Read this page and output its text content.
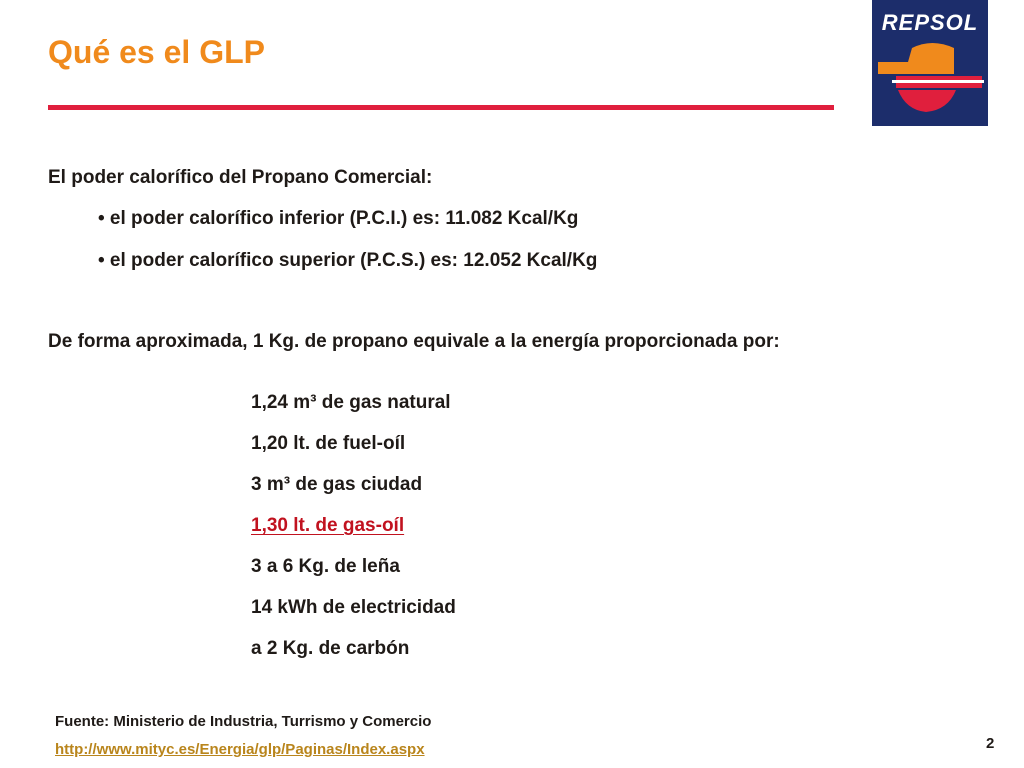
Qué es el GLP
REPSOL

El poder calorífico del Propano Comercial:

• el poder calorífico inferior (P.C.I.) es: 11.082 Kcal/Kg

• el poder calorífico superior (P.C.S.) es: 12.052 Kcal/Kg

De forma aproximada, 1 Kg. de propano equivale a la energía proporcionada por:

1,24 m³ de gas natural
1,20 lt. de fuel-oíl
3 m³ de gas ciudad
1,30 lt. de gas-oíl
3 a 6 Kg. de leña
14 kWh de electricidad
a 2 Kg. de carbón

Fuente: Ministerio de Industria, Turrismo y Comercio

http://www.mityc.es/Energia/glp/Paginas/Index.aspx	2
